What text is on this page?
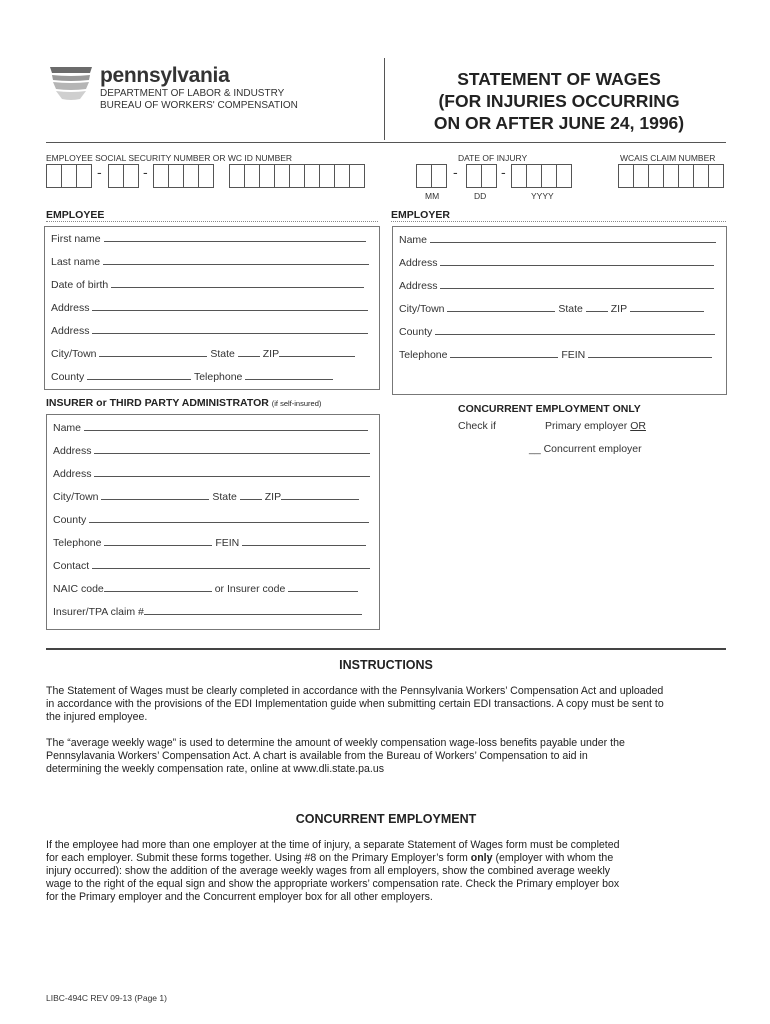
pennsylvania
DEPARTMENT OF LABOR & INDUSTRY
BUREAU OF WORKERS' COMPENSATION
STATEMENT OF WAGES
(FOR INJURIES OCCURRING
ON OR AFTER JUNE 24, 1996)
EMPLOYEE SOCIAL SECURITY NUMBER OR WC ID NUMBER	DATE OF INJURY	WCAIS CLAIM NUMBER
-	-	-	-
MM	DD	YYYY
EMPLOYEE	EMPLOYER
First name
Last name
Date of birth
Address
Address
City/Town	State	ZIP
County	Telephone
Name
Address
Address
City/Town	State	ZIP
County
Telephone	FEIN
INSURER or THIRD PARTY ADMINISTRATOR (if self-insured)
Name
Address
Address
City/Town	State	ZIP
County
Telephone	FEIN
Contact
NAIC code	or Insurer code
Insurer/TPA claim #
CONCURRENT EMPLOYMENT ONLY
Check if	Primary employer OR
__ Concurrent employer
INSTRUCTIONS
The Statement of Wages must be clearly completed in accordance with the Pennsylvania Workers’ Compensation Act and uploaded
in accordance with the provisions of the EDI Implementation guide when submitting certain EDI transactions. A copy must be sent to
the injured employee.
The “average weekly wage” is used to determine the amount of weekly compensation wage-loss benefits payable under the
Pennsylavania Workers’ Compensation Act. A chart is available from the Bureau of Workers’ Compensation to aid in
determining the weekly compensation rate, online at www.dli.state.pa.us
CONCURRENT EMPLOYMENT
If the employee had more than one employer at the time of injury, a separate Statement of Wages form must be completed
for each employer. Submit these forms together. Using #8 on the Primary Employer’s form only (employer with whom the
injury occurred): show the addition of the average weekly wages from all employers, show the combined average weekly
wage to the right of the equal sign and show the appropriate workers’ compensation rate. Check the Primary employer box
for the Primary employer and the Concurrent employer box for all other employers.
LIBC-494C REV 09-13 (Page 1)
